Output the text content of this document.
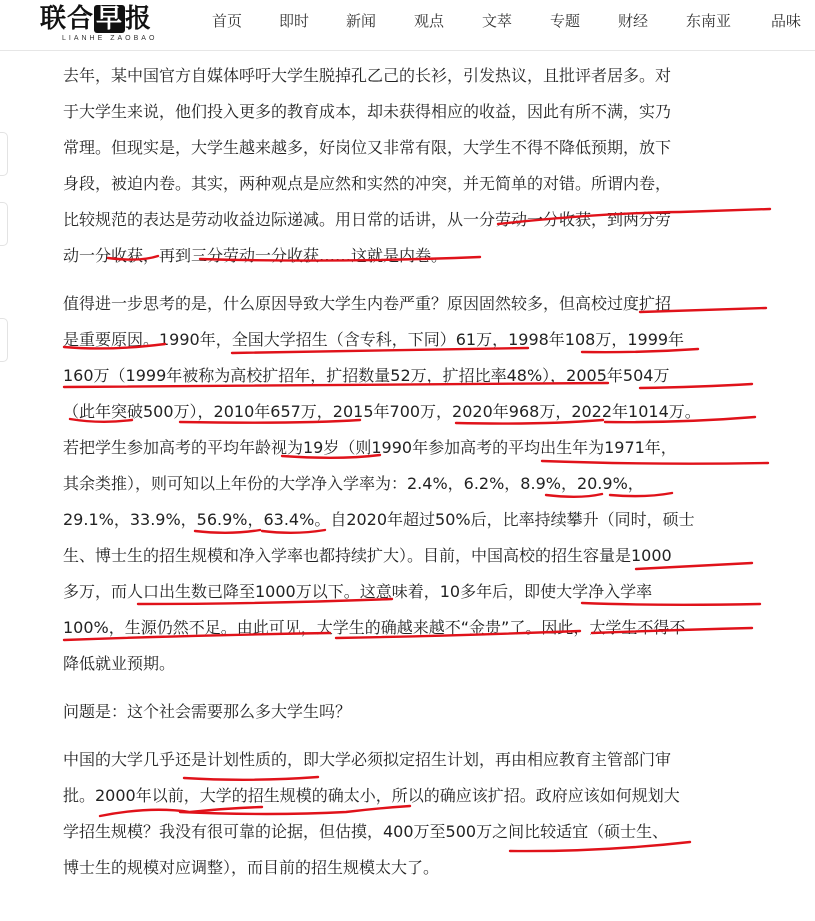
联合早报
LIANHE ZAOBAO
首页 即时 新闻	观点	文萃	专题	财经	东南亚	品味
去年，某中国官方自媒体呼吁大学生脱掉孔乙己的长衫，引发热议，且批评者居多。对
于大学生来说，他们投入更多的教育成本，却未获得相应的收益，因此有所不满，实乃
常理。但现实是，大学生越来越多，好岗位又非常有限，大学生不得不降低预期，放下
身段，被迫内卷。其实，两种观点是应然和实然的冲突，并无简单的对错。所谓内卷，
比较规范的表达是劳动收益边际递减。用日常的话讲，从一分劳动一分收获，到两分劳
动一分收获，再到三分劳动一分收获……这就是内卷。
值得进一步思考的是，什么原因导致大学生内卷严重？原因固然较多，但高校过度扩招
是重要原因。1990年，全国大学招生（含专科，下同）61万，1998年108万，1999年
160万（1999年被称为高校扩招年，扩招数量52万，扩招比率48%），2005年504万
（此年突破500万），2010年657万，2015年700万，2020年968万，2022年1014万。
若把学生参加高考的平均年龄视为19岁（则1990年参加高考的平均出生年为1971年，
其余类推），则可知以上年份的大学净入学率为：2.4%，6.2%，8.9%，20.9%，
29.1%，33.9%，56.9%，63.4%。自2020年超过50%后，比率持续攀升（同时，硕士
生、博士生的招生规模和净入学率也都持续扩大）。目前，中国高校的招生容量是1000
多万，而人口出生数已降至1000万以下。这意味着，10多年后，即使大学净入学率
100%，生源仍然不足。由此可见，大学生的确越来越不“金贵”了。因此，大学生不得不
降低就业预期。
问题是：这个社会需要那么多大学生吗？
中国的大学几乎还是计划性质的，即大学必须拟定招生计划，再由相应教育主管部门审
批。2000年以前，大学的招生规模的确太小，所以的确应该扩招。政府应该如何规划大
学招生规模？我没有很可靠的论据，但估摸，400万至500万之间比较适宜（硕士生、
博士生的规模对应调整），而目前的招生规模太大了。
